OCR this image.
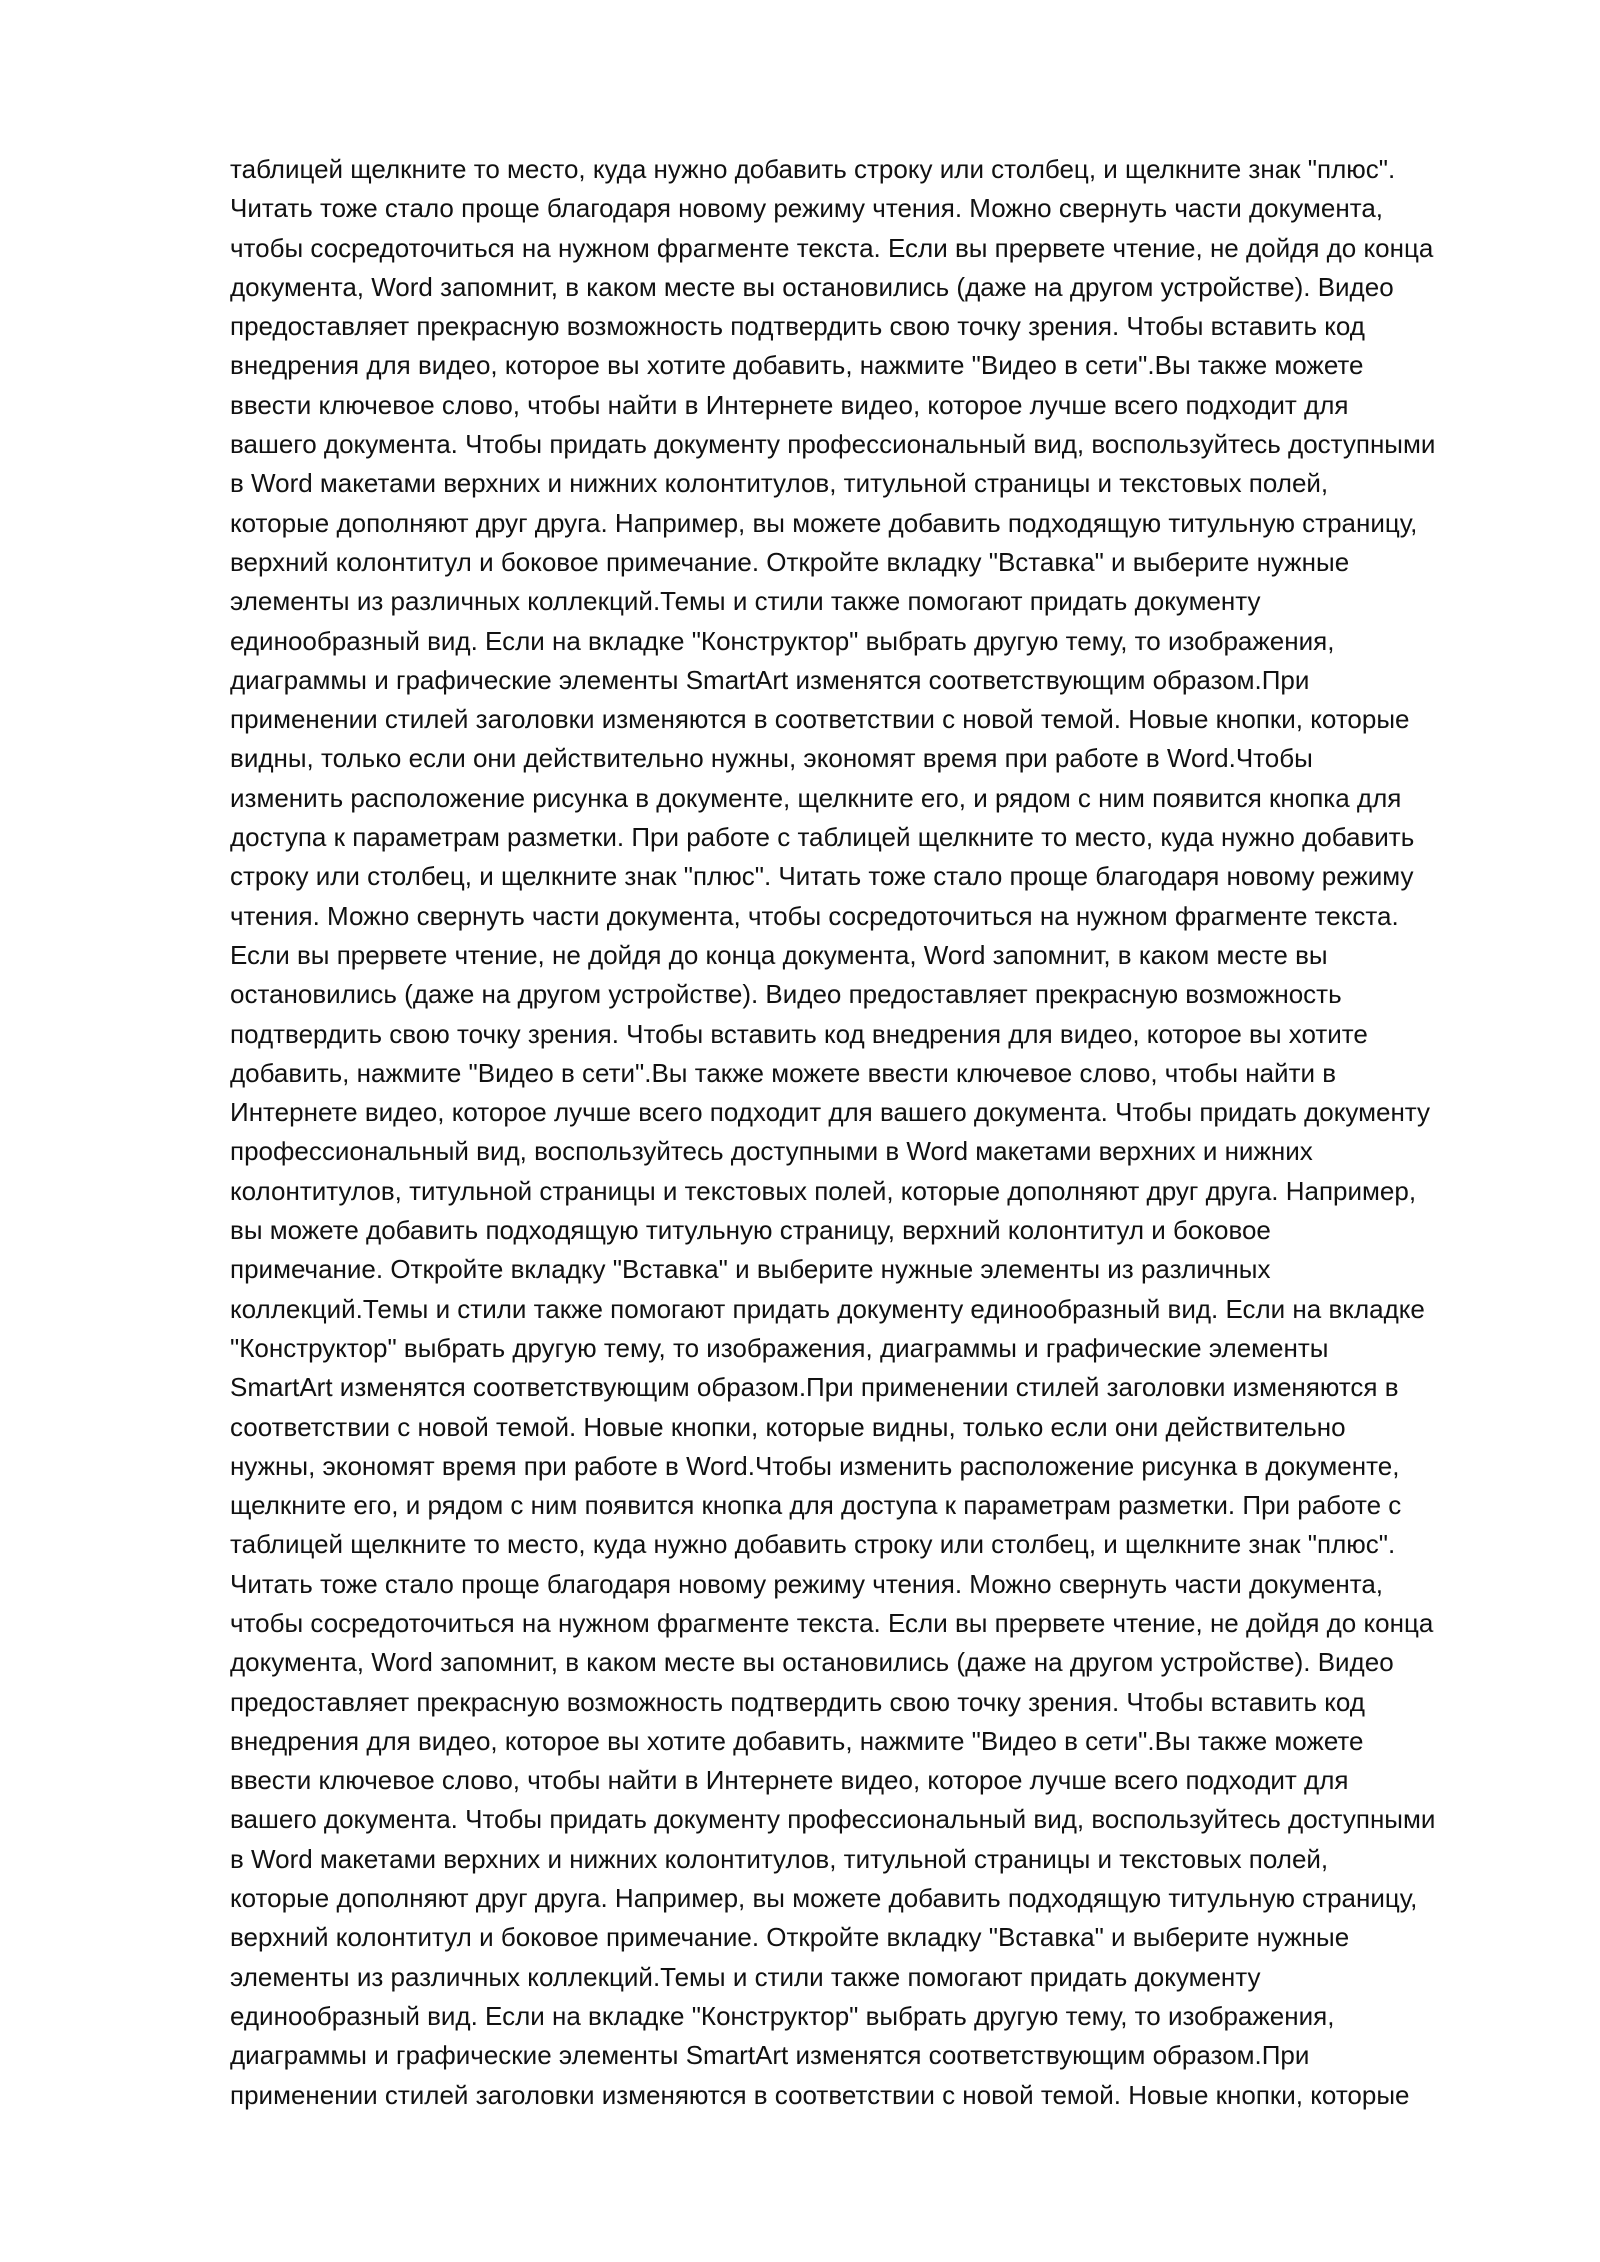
таблицей щелкните то место, куда нужно добавить строку или столбец, и щелкните знак "плюс".
Читать тоже стало проще благодаря новому режиму чтения. Можно свернуть части документа,
чтобы сосредоточиться на нужном фрагменте текста. Если вы прервете чтение, не дойдя до конца
документа, Word запомнит, в каком месте вы остановились (даже на другом устройстве). Видео
предоставляет прекрасную возможность подтвердить свою точку зрения. Чтобы вставить код
внедрения для видео, которое вы хотите добавить, нажмите "Видео в сети".Вы также можете
ввести ключевое слово, чтобы найти в Интернете видео, которое лучше всего подходит для
вашего документа. Чтобы придать документу профессиональный вид, воспользуйтесь доступными
в Word макетами верхних и нижних колонтитулов, титульной страницы и текстовых полей,
которые дополняют друг друга. Например, вы можете добавить подходящую титульную страницу,
верхний колонтитул и боковое примечание. Откройте вкладку "Вставка" и выберите нужные
элементы из различных коллекций.Темы и стили также помогают придать документу
единообразный вид. Если на вкладке "Конструктор" выбрать другую тему, то изображения,
диаграммы и графические элементы SmartArt изменятся соответствующим образом.При
применении стилей заголовки изменяются в соответствии с новой темой. Новые кнопки, которые
видны, только если они действительно нужны, экономят время при работе в Word.Чтобы
изменить расположение рисунка в документе, щелкните его, и рядом с ним появится кнопка для
доступа к параметрам разметки. При работе с таблицей щелкните то место, куда нужно добавить
строку или столбец, и щелкните знак "плюс". Читать тоже стало проще благодаря новому режиму
чтения. Можно свернуть части документа, чтобы сосредоточиться на нужном фрагменте текста.
Если вы прервете чтение, не дойдя до конца документа, Word запомнит, в каком месте вы
остановились (даже на другом устройстве). Видео предоставляет прекрасную возможность
подтвердить свою точку зрения. Чтобы вставить код внедрения для видео, которое вы хотите
добавить, нажмите "Видео в сети".Вы также можете ввести ключевое слово, чтобы найти в
Интернете видео, которое лучше всего подходит для вашего документа. Чтобы придать документу
профессиональный вид, воспользуйтесь доступными в Word макетами верхних и нижних
колонтитулов, титульной страницы и текстовых полей, которые дополняют друг друга. Например,
вы можете добавить подходящую титульную страницу, верхний колонтитул и боковое
примечание. Откройте вкладку "Вставка" и выберите нужные элементы из различных
коллекций.Темы и стили также помогают придать документу единообразный вид. Если на вкладке
"Конструктор" выбрать другую тему, то изображения, диаграммы и графические элементы
SmartArt изменятся соответствующим образом.При применении стилей заголовки изменяются в
соответствии с новой темой. Новые кнопки, которые видны, только если они действительно
нужны, экономят время при работе в Word.Чтобы изменить расположение рисунка в документе,
щелкните его, и рядом с ним появится кнопка для доступа к параметрам разметки. При работе с
таблицей щелкните то место, куда нужно добавить строку или столбец, и щелкните знак "плюс".
Читать тоже стало проще благодаря новому режиму чтения. Можно свернуть части документа,
чтобы сосредоточиться на нужном фрагменте текста. Если вы прервете чтение, не дойдя до конца
документа, Word запомнит, в каком месте вы остановились (даже на другом устройстве). Видео
предоставляет прекрасную возможность подтвердить свою точку зрения. Чтобы вставить код
внедрения для видео, которое вы хотите добавить, нажмите "Видео в сети".Вы также можете
ввести ключевое слово, чтобы найти в Интернете видео, которое лучше всего подходит для
вашего документа. Чтобы придать документу профессиональный вид, воспользуйтесь доступными
в Word макетами верхних и нижних колонтитулов, титульной страницы и текстовых полей,
которые дополняют друг друга. Например, вы можете добавить подходящую титульную страницу,
верхний колонтитул и боковое примечание. Откройте вкладку "Вставка" и выберите нужные
элементы из различных коллекций.Темы и стили также помогают придать документу
единообразный вид. Если на вкладке "Конструктор" выбрать другую тему, то изображения,
диаграммы и графические элементы SmartArt изменятся соответствующим образом.При
применении стилей заголовки изменяются в соответствии с новой темой. Новые кнопки, которые
